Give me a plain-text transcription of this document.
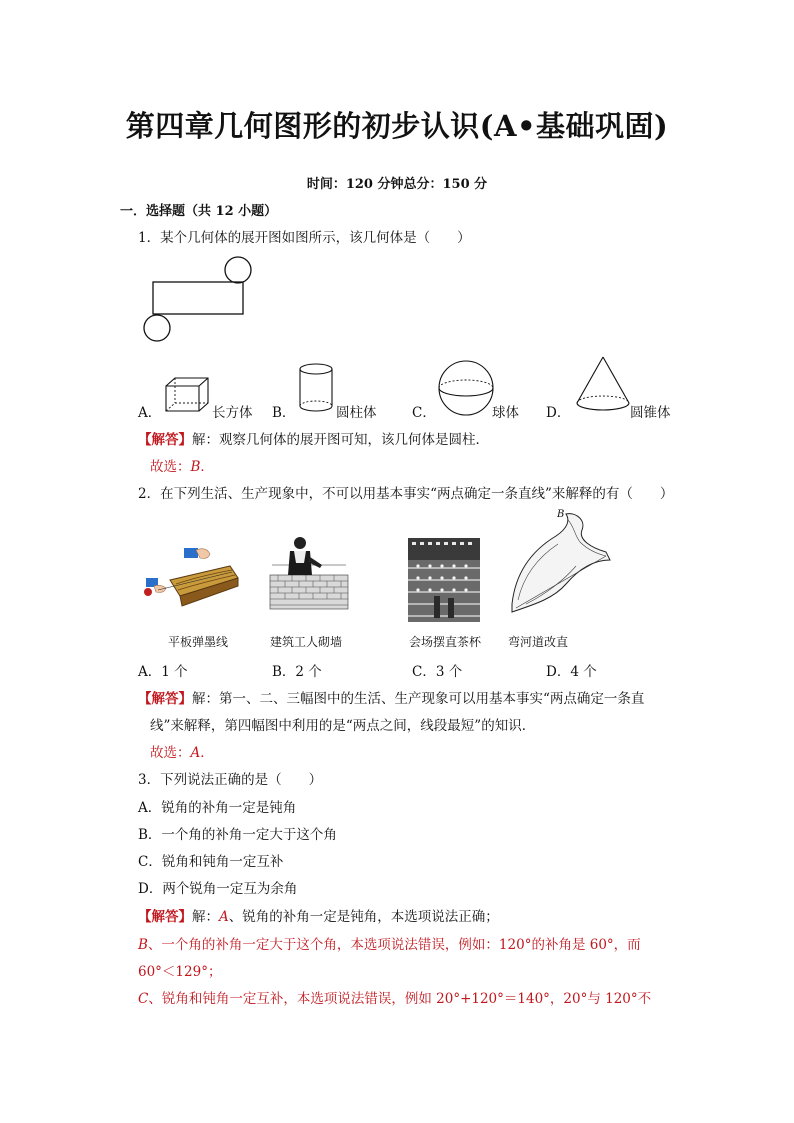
第四章几何图形的初步认识(A•基础巩固)
时间：120 分钟总分：150 分
一．选择题（共 12 小题）
1．某个几何体的展开图如图所示，该几何体是（　　）
A．	长方体 B．	圆柱体	C．	球体 D．	圆锥体
【解答】解：观察几何体的展开图可知，该几何体是圆柱．
故选：B．
2．在下列生活、生产现象中，不可以用基本事实“两点确定一条直线”来解释的有（　　）
平板弹墨线	建筑工人砌墙	会场摆直茶杯
B
弯河道改直
A．1 个	B．2 个	C．3 个	D．4 个
【解答】解：第一、二、三幅图中的生活、生产现象可以用基本事实“两点确定一条直
线”来解释，第四幅图中利用的是“两点之间，线段最短”的知识．
故选：A．
3．下列说法正确的是（　　）
A．锐角的补角一定是钝角
B．一个角的补角一定大于这个角
C．锐角和钝角一定互补
D．两个锐角一定互为余角
【解答】解：A、锐角的补角一定是钝角，本选项说法正确；
B、一个角的补角一定大于这个角，本选项说法错误，例如：120°的补角是 60°，而
60°＜129°；
C、锐角和钝角一定互补，本选项说法错误，例如 20°+120°＝140°，20°与 120°不
